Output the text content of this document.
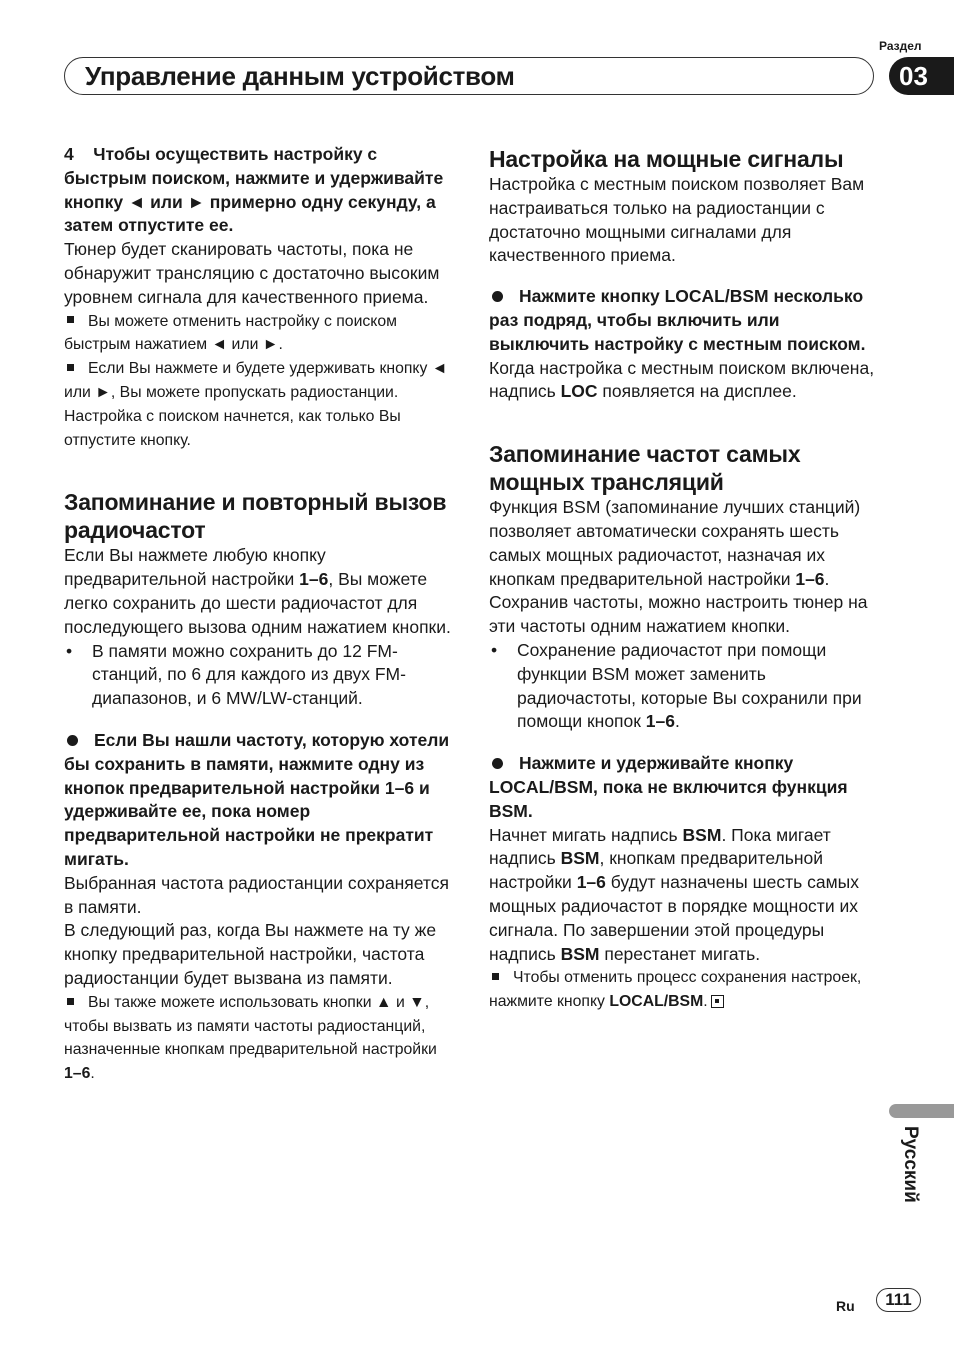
Раздел
Управление данным устройством	03

4 Чтобы осуществить настройку с быстрым поиском, нажмите и удерживайте кнопку ◄ или ► примерно одну секунду, а затем отпустите ее.

Тюнер будет сканировать частоты, пока не обнаружит трансляцию с достаточно высоким уровнем сигнала для качественного приема.

Вы можете отменить настройку с поиском быстрым нажатием ◄ или ►.

Если Вы нажмете и будете удерживать кнопку ◄ или ►, Вы можете пропускать радиостанции. Настройка с поиском начнется, как только Вы отпустите кнопку.

Запоминание и повторный вызов радиочастот

Если Вы нажмете любую кнопку предварительной настройки 1–6, Вы можете легко сохранить до шести радиочастот для последующего вызова одним нажатием кнопки.

•	В памяти можно сохранить до 12 FM-станций, по 6 для каждого из двух FM-диапазонов, и 6 MW/LW-станций.

Если Вы нашли частоту, которую хотели бы сохранить в памяти, нажмите одну из кнопок предварительной настройки 1–6 и удерживайте ее, пока номер предварительной настройки не прекратит мигать.

Выбранная частота радиостанции сохраняется в памяти.

В следующий раз, когда Вы нажмете на ту же кнопку предварительной настройки, частота радиостанции будет вызвана из памяти.

Вы также можете использовать кнопки ▲ и ▼, чтобы вызвать из памяти частоты радиостанций, назначенные кнопкам предварительной настройки 1–6.

Настройка на мощные сигналы

Настройка с местным поиском позволяет Вам настраиваться только на радиостанции с достаточно мощными сигналами для качественного приема.

Нажмите кнопку LOCAL/BSM несколько раз подряд, чтобы включить или выключить настройку с местным поиском.

Когда настройка с местным поиском включена, надпись LOC появляется на дисплее.

Запоминание частот самых мощных трансляций

Функция BSM (запоминание лучших станций) позволяет автоматически сохранять шесть самых мощных радиочастот, назначая их кнопкам предварительной настройки 1–6. Сохранив частоты, можно настроить тюнер на эти частоты одним нажатием кнопки.

•	Сохранение радиочастот при помощи функции BSM может заменить радиочастоты, которые Вы сохранили при помощи кнопок 1–6.

Нажмите и удерживайте кнопку LOCAL/BSM, пока не включится функция BSM.

Начнет мигать надпись BSM. Пока мигает надпись BSM, кнопкам предварительной настройки 1–6 будут назначены шесть самых мощных радиочастот в порядке мощности их сигнала. По завершении этой процедуры надпись BSM перестанет мигать.

Чтобы отменить процесс сохранения настроек, нажмите кнопку LOCAL/BSM.

Русский
Ru	111
